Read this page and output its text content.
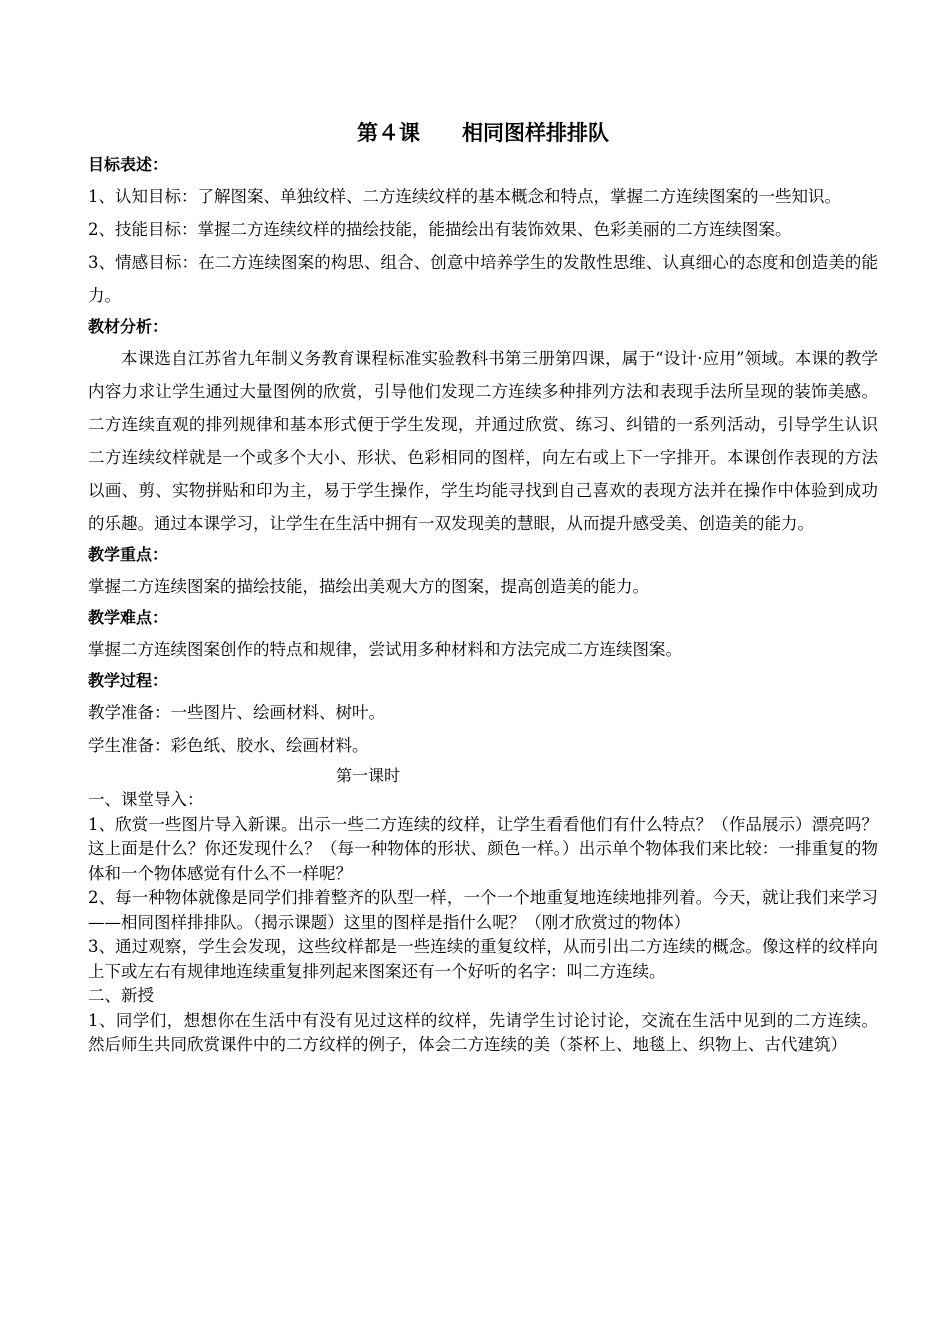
第４课　　相同图样排排队
目标表述：

1、认知目标：了解图案、单独纹样、二方连续纹样的基本概念和特点，掌握二方连续图案的一些知识。

2、技能目标：掌握二方连续纹样的描绘技能，能描绘出有装饰效果、色彩美丽的二方连续图案。

3、情感目标：在二方连续图案的构思、组合、创意中培养学生的发散性思维、认真细心的态度和创造美的能力。

教材分析：

本课选自江苏省九年制义务教育课程标准实验教科书第三册第四课，属于“设计·应用”领域。本课的教学内容力求让学生通过大量图例的欣赏，引导他们发现二方连续多种排列方法和表现手法所呈现的装饰美感。二方连续直观的排列规律和基本形式便于学生发现，并通过欣赏、练习、纠错的一系列活动，引导学生认识二方连续纹样就是一个或多个大小、形状、色彩相同的图样，向左右或上下一字排开。本课创作表现的方法以画、剪、实物拼贴和印为主，易于学生操作，学生均能寻找到自己喜欢的表现方法并在操作中体验到成功的乐趣。通过本课学习，让学生在生活中拥有一双发现美的慧眼，从而提升感受美、创造美的能力。

教学重点：

掌握二方连续图案的描绘技能，描绘出美观大方的图案，提高创造美的能力。

教学难点：

掌握二方连续图案创作的特点和规律，尝试用多种材料和方法完成二方连续图案。

教学过程：

教学准备：一些图片、绘画材料、树叶。

学生准备：彩色纸、胶水、绘画材料。

第一课时

一、课堂导入：

1、欣赏一些图片导入新课。出示一些二方连续的纹样，让学生看看他们有什么特点？（作品展示）漂亮吗？这上面是什么？你还发现什么？（每一种物体的形状、颜色一样。）出示单个物体我们来比较：一排重复的物体和一个物体感觉有什么不一样呢？

2、每一种物体就像是同学们排着整齐的队型一样，一个一个地重复地连续地排列着。今天，就让我们来学习——相同图样排排队。（揭示课题）这里的图样是指什么呢？（刚才欣赏过的物体）

3、通过观察，学生会发现，这些纹样都是一些连续的重复纹样，从而引出二方连续的概念。像这样的纹样向上下或左右有规律地连续重复排列起来图案还有一个好听的名字：叫二方连续。

二、新授

1、同学们，想想你在生活中有没有见过这样的纹样，先请学生讨论讨论，交流在生活中见到的二方连续。 然后师生共同欣赏课件中的二方纹样的例子，体会二方连续的美（茶杯上、地毯上、织物上、古代建筑）
